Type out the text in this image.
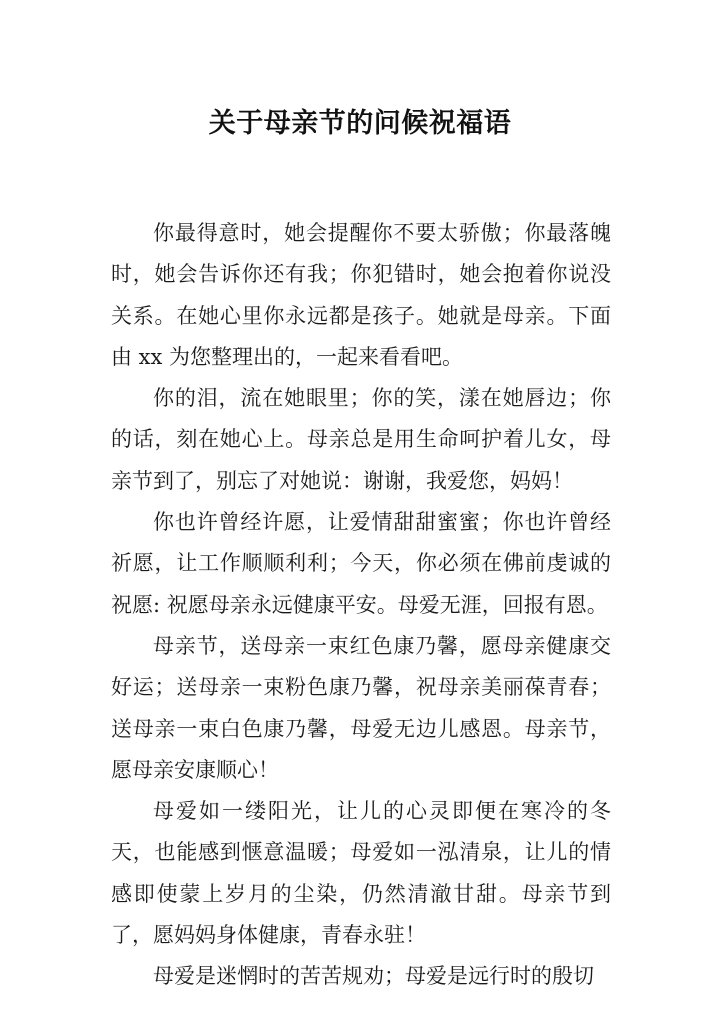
关于母亲节的问候祝福语

你最得意时，她会提醒你不要太骄傲；你最落魄时，她会告诉你还有我；你犯错时，她会抱着你说没关系。在她心里你永远都是孩子。她就是母亲。下面由 xx 为您整理出的，一起来看看吧。

你的泪，流在她眼里；你的笑，漾在她唇边；你的话，刻在她心上。母亲总是用生命呵护着儿女，母亲节到了，别忘了对她说：谢谢，我爱您，妈妈！

你也许曾经许愿，让爱情甜甜蜜蜜；你也许曾经祈愿，让工作顺顺利利；今天，你必须在佛前虔诚的祝愿: 祝愿母亲永远健康平安。母爱无涯，回报有恩。

母亲节，送母亲一束红色康乃馨，愿母亲健康交好运；送母亲一束粉色康乃馨，祝母亲美丽葆青春；送母亲一束白色康乃馨，母爱无边儿感恩。母亲节，愿母亲安康顺心！

母爱如一缕阳光，让儿的心灵即便在寒冷的冬天，也能感到惬意温暖；母爱如一泓清泉，让儿的情感即使蒙上岁月的尘染，仍然清澈甘甜。母亲节到了，愿妈妈身体健康，青春永驻！

母爱是迷惘时的苦苦规劝；母爱是远行时的殷切
